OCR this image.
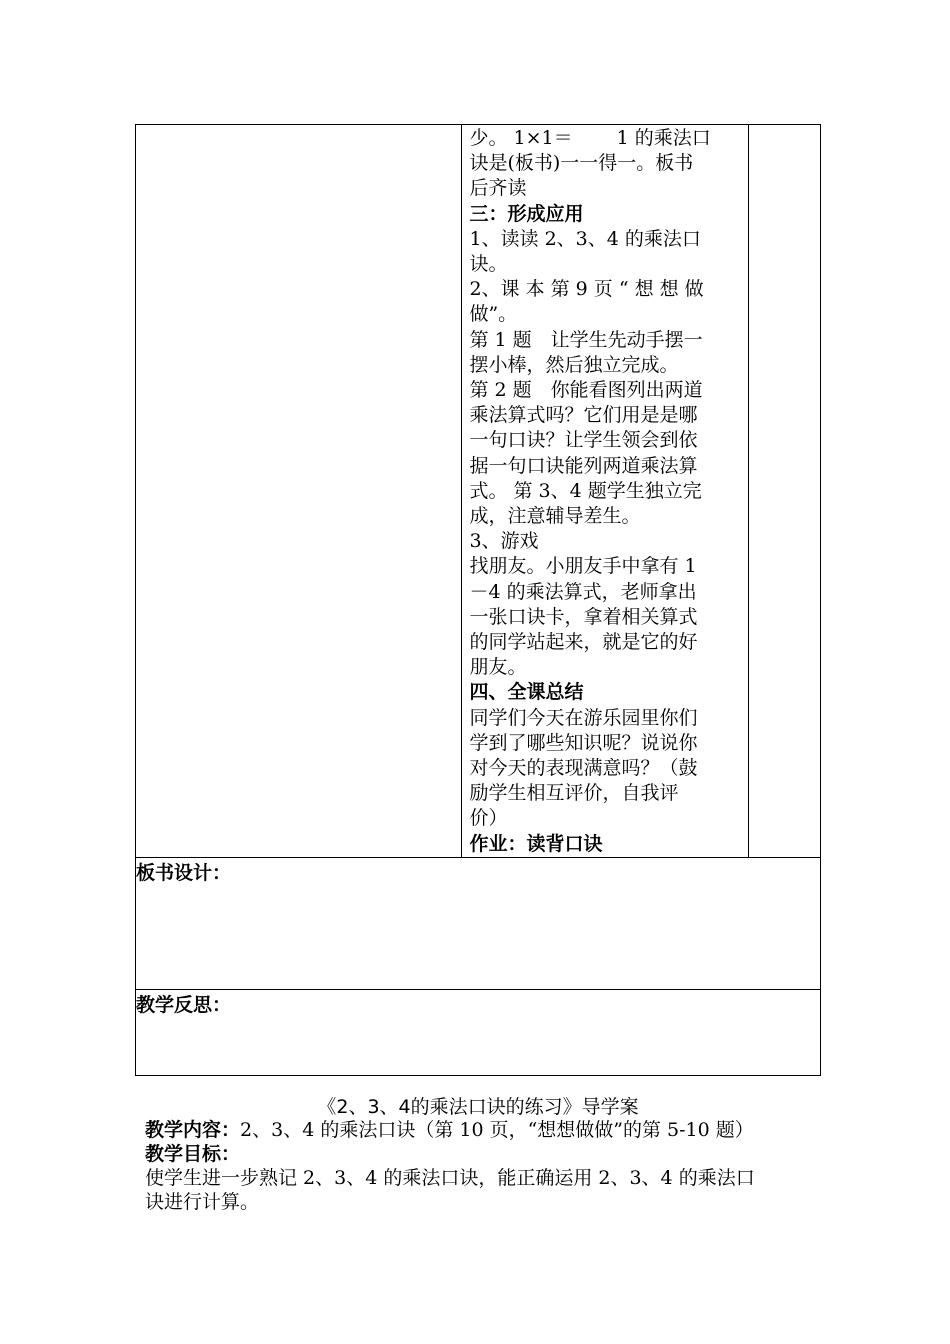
少。 1×1＝　　 1 的乘法口

诀是(板书)一一得一。板书

后齐读

三：形成应用

1、读读 2、3、4 的乘法口

诀。

2、课 本 第 9 页 “ 想 想 做

做”。

第 1 题　让学生先动手摆一

摆小棒，然后独立完成。

第 2 题　你能看图列出两道

乘法算式吗？它们用是是哪

一句口诀？让学生领会到依

据一句口诀能列两道乘法算

式。 第 3、4 题学生独立完

成，注意辅导差生。

3、游戏

找朋友。小朋友手中拿有 1

－4 的乘法算式，老师拿出

一张口诀卡，拿着相关算式

的同学站起来，就是它的好

朋友。

四、全课总结

同学们今天在游乐园里你们

学到了哪些知识呢？说说你

对今天的表现满意吗？（鼓

励学生相互评价，自我评

价）

作业：读背口诀

板书设计：
教学反思：
《2、3、4的乘法口诀的练习》导学案

教学内容：2、3、4 的乘法口诀（第 10 页，“想想做做”的第 5-10 题）

教学目标：

使学生进一步熟记 2、3、4 的乘法口诀，能正确运用 2、3、4 的乘法口

诀进行计算。
